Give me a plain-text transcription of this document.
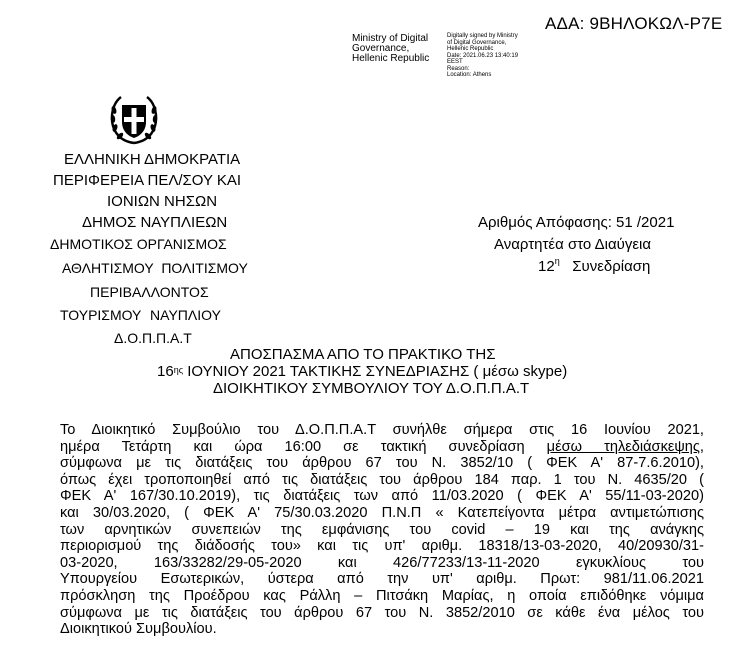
Ministry of Digital
Governance,
Hellenic Republic
Digitally signed by Ministry
of Digital Governance,
Hellenic Republic
Date: 2021.06.23 13:40:19
EEST
Reason:
Location: Athens
ΑΔΑ: 9ΒΗΛΟΚΩΛ-Ρ7Ε
ΕΛΛΗΝΙΚΗ ΔΗΜΟΚΡΑΤΙΑ
ΠΕΡΙΦΕΡΕΙΑ ΠΕΛ/ΣΟΥ ΚΑΙ
ΙΟΝΙΩΝ ΝΗΣΩΝ
ΔΗΜΟΣ ΝΑΥΠΛΙΕΩΝ
ΔΗΜΟΤΙΚΟΣ ΟΡΓΑΝΙΣΜΟΣ
ΑΘΛΗΤΙΣΜΟΥ ΠΟΛΙΤΙΣΜΟΥ
ΠΕΡΙΒΑΛΛΟΝΤΟΣ
ΤΟΥΡΙΣΜΟΥ ΝΑΥΠΛΙΟΥ
Δ.Ο.Π.Π.Α.Τ
Αριθμός Απόφασης: 51 /2021
Αναρτητέα στο Διαύγεια
$12^\eta$ Συνεδρίαση
ΑΠΟΣΠΑΣΜΑ ΑΠΟ ΤΟ ΠΡΑΚΤΙΚΟ ΤΗΣ
$16^{\eta\varsigma}$ ΙΟΥΝΙΟΥ 2021 ΤΑΚΤΙΚΗΣ ΣΥΝΕΔΡΙΑΣΗΣ ( μέσω skype)
ΔΙΟΙΚΗΤΙΚΟΥ ΣΥΜΒΟΥΛΙΟΥ ΤΟΥ Δ.Ο.Π.Π.Α.Τ
Το Διοικητικό Συμβούλιο του Δ.Ο.Π.Π.Α.Τ συνήλθε σήμερα στις 16 Ιουνίου 2021,
ημέρα Τετάρτη και ώρα 16:00 σε τακτική συνεδρίαση μέσω τηλεδιάσκεψης,
σύμφωνα με τις διατάξεις του άρθρου 67 του Ν. 3852/10 ( ΦΕΚ Α' 87-7.6.2010),
όπως έχει τροποποιηθεί από τις διατάξεις του άρθρου 184 παρ. 1 του Ν. 4635/20 (
ΦΕΚ Α' 167/30.10.2019), τις διατάξεις των από 11/03.2020 ( ΦΕΚ Α' 55/11-03-2020)
και 30/03.2020, ( ΦΕΚ Α' 75/30.03.2020 Π.Ν.Π « Κατεπείγοντα μέτρα αντιμετώπισης
των αρνητικών συνεπειών της εμφάνισης του covid – 19 και της ανάγκης
περιορισμού της διάδοσής του» και τις υπ' αριθμ. 18318/13-03-2020, 40/20930/31-
03-2020, 163/33282/29-05-2020 και 426/77233/13-11-2020 εγκυκλίους του
Υπουργείου Εσωτερικών, ύστερα από την υπ' αριθμ. Πρωτ: 981/11.06.2021
πρόσκληση της Προέδρου κας Ράλλη – Πιτσάκη Μαρίας, η οποία επιδόθηκε νόμιμα
σύμφωνα με τις διατάξεις του άρθρου 67 του Ν. 3852/2010 σε κάθε ένα μέλος του
Διοικητικού Συμβουλίου.
